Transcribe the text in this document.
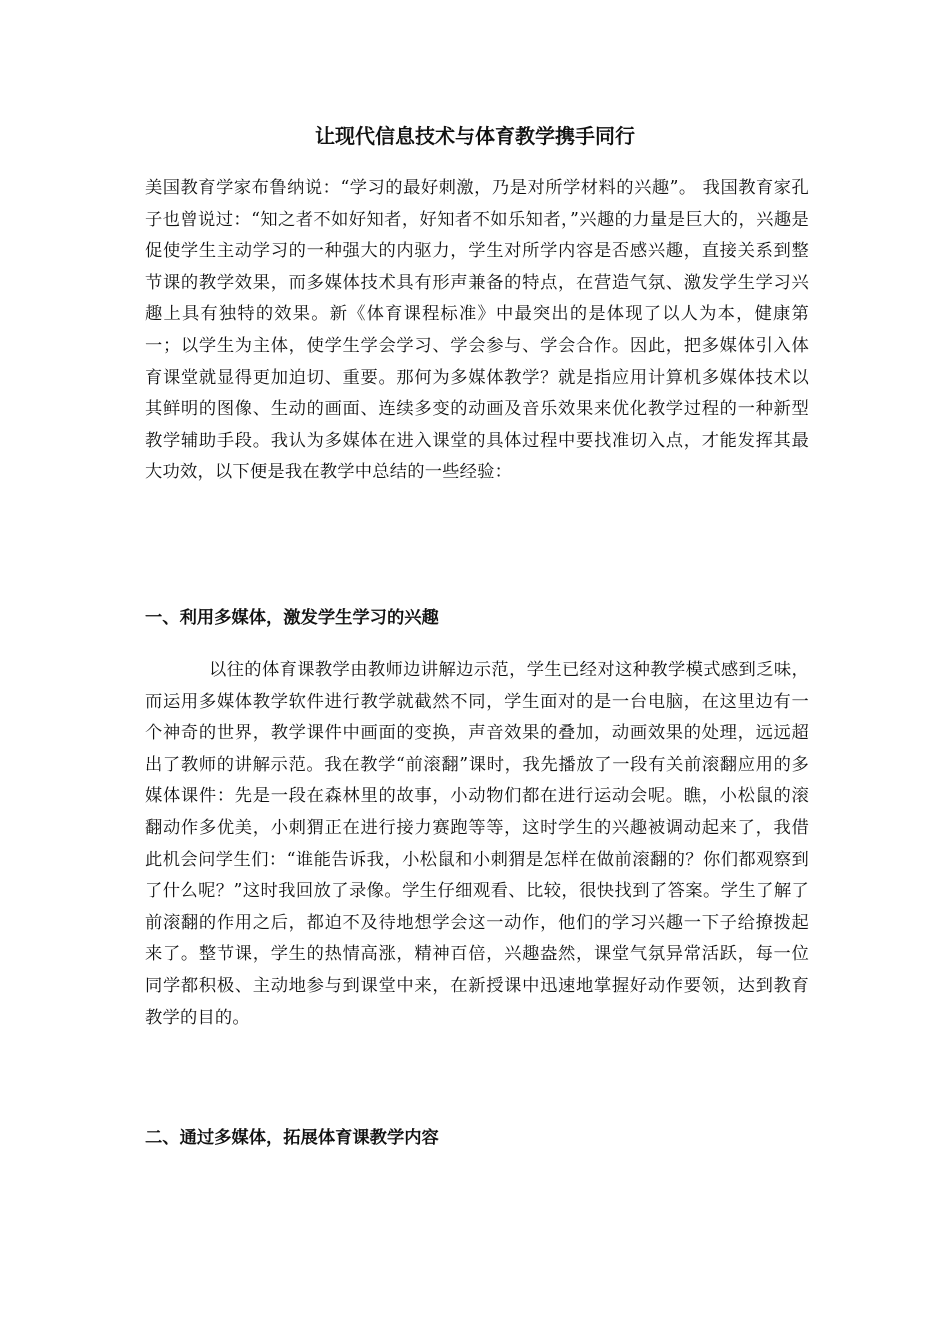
让现代信息技术与体育教学携手同行

美国教育学家布鲁纳说：“学习的最好刺激，乃是对所学材料的兴趣”。 我国教育家孔子也曾说过：“知之者不如好知者，好知者不如乐知者，”兴趣的力量是巨大的，兴趣是促使学生主动学习的一种强大的内驱力，学生对所学内容是否感兴趣，直接关系到整节课的教学效果，而多媒体技术具有形声兼备的特点，在营造气氛、激发学生学习兴趣上具有独特的效果。新《体育课程标准》中最突出的是体现了以人为本，健康第一；以学生为主体，使学生学会学习、学会参与、学会合作。因此，把多媒体引入体育课堂就显得更加迫切、重要。那何为多媒体教学？就是指应用计算机多媒体技术以其鲜明的图像、生动的画面、连续多变的动画及音乐效果来优化教学过程的一种新型教学辅助手段。我认为多媒体在进入课堂的具体过程中要找准切入点，才能发挥其最大功效，以下便是我在教学中总结的一些经验：

一、利用多媒体，激发学生学习的兴趣

以往的体育课教学由教师边讲解边示范，学生已经对这种教学模式感到乏味，而运用多媒体教学软件进行教学就截然不同，学生面对的是一台电脑，在这里边有一个神奇的世界，教学课件中画面的变换，声音效果的叠加，动画效果的处理，远远超出了教师的讲解示范。我在教学“前滚翻”课时，我先播放了一段有关前滚翻应用的多媒体课件：先是一段在森林里的故事，小动物们都在进行运动会呢。瞧，小松鼠的滚翻动作多优美，小刺猬正在进行接力赛跑等等，这时学生的兴趣被调动起来了，我借此机会问学生们：“谁能告诉我，小松鼠和小刺猬是怎样在做前滚翻的？你们都观察到了什么呢？”这时我回放了录像。学生仔细观看、比较，很快找到了答案。学生了解了前滚翻的作用之后，都迫不及待地想学会这一动作，他们的学习兴趣一下子给撩拨起来了。整节课，学生的热情高涨，精神百倍，兴趣盎然，课堂气氛异常活跃，每一位同学都积极、主动地参与到课堂中来，在新授课中迅速地掌握好动作要领，达到教育教学的目的。

二、通过多媒体，拓展体育课教学内容
